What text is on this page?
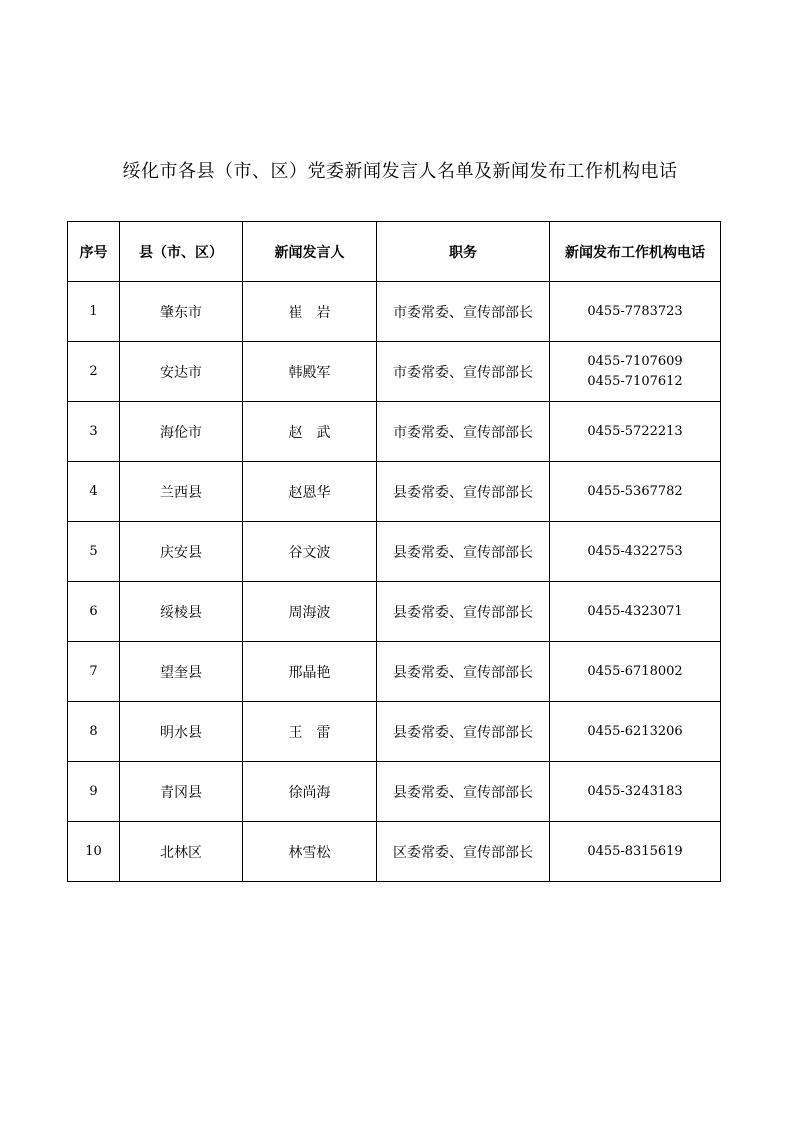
绥化市各县（市、区）党委新闻发言人名单及新闻发布工作机构电话
序号	县（市、区）	新闻发言人	职务	新闻发布工作机构电话
1	肇东市	崔　岩	市委常委、宣传部部长	0455-7783723

2	安达市	韩殿军	市委常委、宣传部部长	0455-7107609
0455-7107612

3	海伦市	赵　武	市委常委、宣传部部长	0455-5722213

4	兰西县	赵恩华	县委常委、宣传部部长	0455-5367782

5	庆安县	谷文波	县委常委、宣传部部长	0455-4322753

6	绥棱县	周海波	县委常委、宣传部部长	0455-4323071

7	望奎县	邢晶艳	县委常委、宣传部部长	0455-6718002

8	明水县	王　雷	县委常委、宣传部部长	0455-6213206

9	青冈县	徐尚海	县委常委、宣传部部长	0455-3243183

10	北林区	林雪松	区委常委、宣传部部长	0455-8315619
